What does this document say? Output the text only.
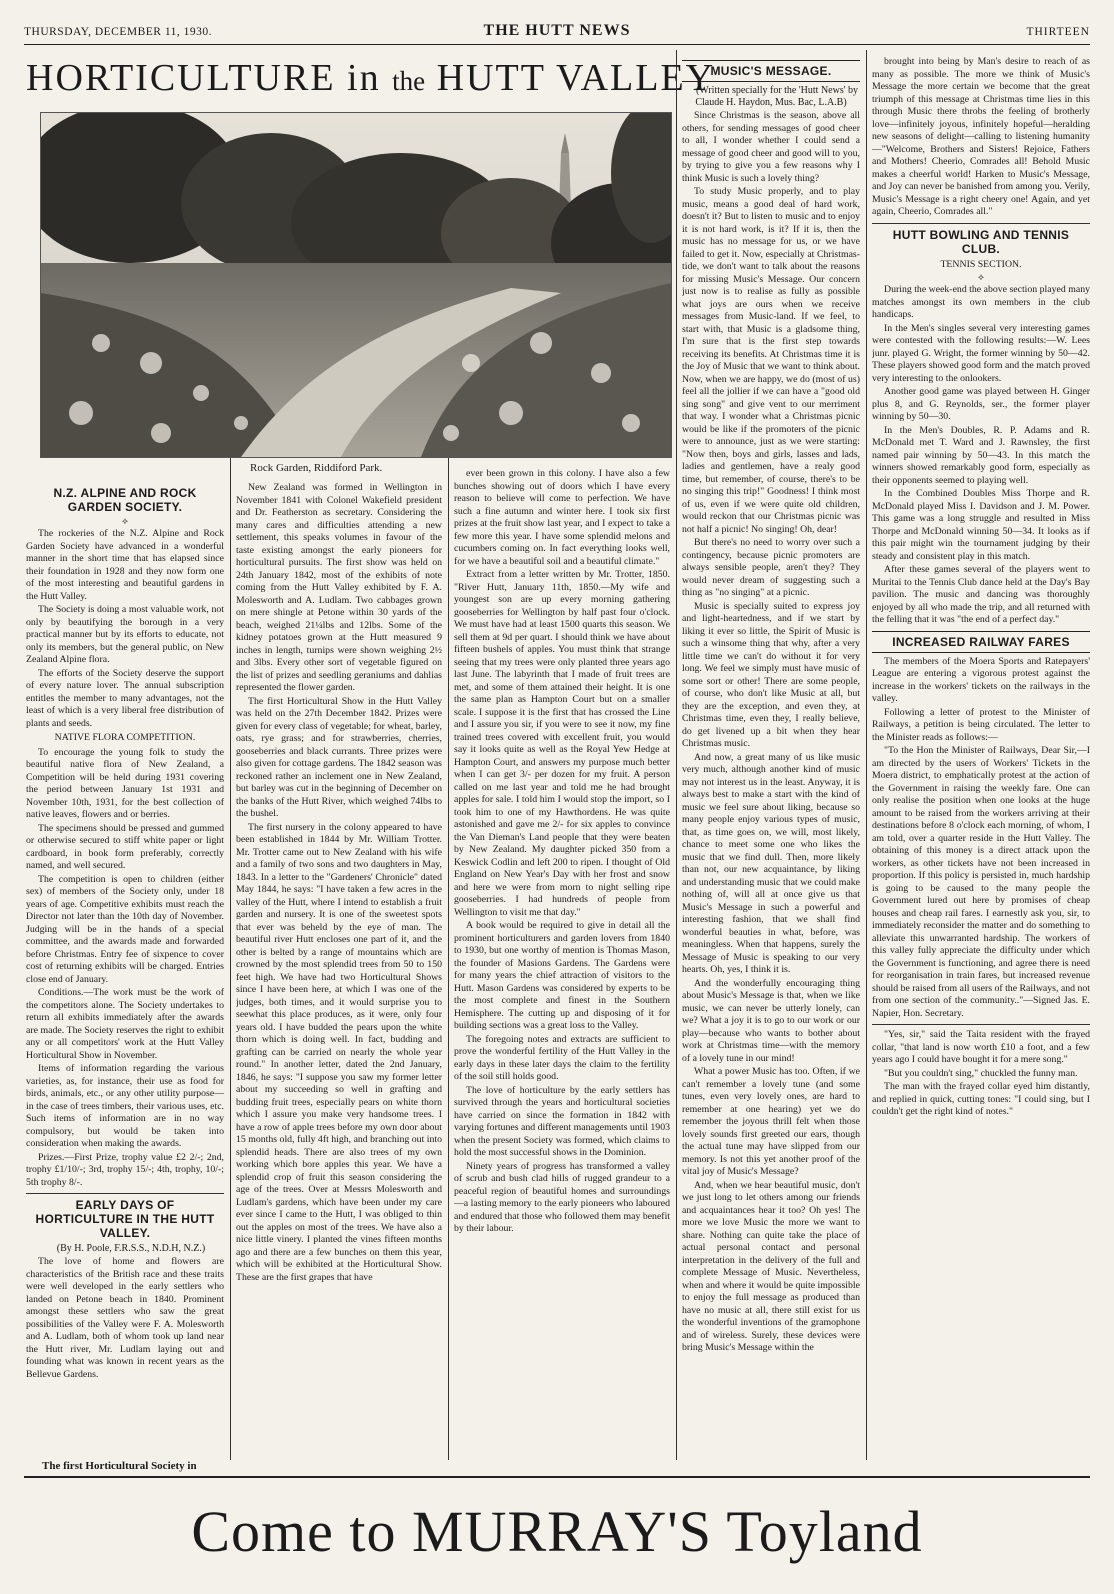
THURSDAY, DECEMBER 11, 1930.	THE HUTT NEWS	THIRTEEN
HORTICULTURE in the HUTT VALLEY
Rock Garden, Riddiford Park.
N.Z. ALPINE AND ROCK GARDEN SOCIETY.
⟡

The rockeries of the N.Z. Alpine and Rock Garden Society have advanced in a wonderful manner in the short time that has elapsed since their foundation in 1928 and they now form one of the most interesting and beautiful gardens in the Hutt Valley.

The Society is doing a most valuable work, not only by beautifying the borough in a very practical manner but by its efforts to educate, not only its members, but the general public, on New Zealand Alpine flora.

The efforts of the Society deserve the support of every nature lover. The annual subscription entitles the member to many advantages, not the least of which is a very liberal free distribution of plants and seeds.

NATIVE FLORA COMPETITION.

To encourage the young folk to study the beautiful native flora of New Zealand, a Competition will be held during 1931 covering the period between January 1st 1931 and November 10th, 1931, for the best collection of native leaves, flowers and or berries.

The specimens should be pressed and gummed or otherwise secured to stiff white paper or light cardboard, in book form preferably, correctly named, and well secured.

The competition is open to children (either sex) of members of the Society only, under 18 years of age. Competitive exhibits must reach the Director not later than the 10th day of November. Judging will be in the hands of a special committee, and the awards made and forwarded before Christmas. Entry fee of sixpence to cover cost of returning exhibits will be charged. Entries close end of January.

Conditions.—The work must be the work of the competitors alone. The Society undertakes to return all exhibits immediately after the awards are made. The Society reserves the right to exhibit any or all competitors' work at the Hutt Valley Horticultural Show in November.

Items of information regarding the various varieties, as, for instance, their use as food for birds, animals, etc., or any other utility purpose—in the case of trees timbers, their various uses, etc. Such items of information are in no way compulsory, but would be taken into consideration when making the awards.

Prizes.—First Prize, trophy value £2 2/-; 2nd, trophy £1/10/-; 3rd, trophy 15/-; 4th, trophy, 10/-; 5th trophy 8/-.

EARLY DAYS OF HORTICULTURE IN THE HUTT VALLEY.

(By H. Poole, F.R.S.S., N.D.H, N.Z.)

The love of home and flowers are characteristics of the British race and these traits were well developed in the early settlers who landed on Petone beach in 1840. Prominent amongst these settlers who saw the great possibilities of the Valley were F. A. Molesworth and A. Ludlam, both of whom took up land near the Hutt river, Mr. Ludlam laying out and founding what was known in recent years as the Bellevue Gardens.

The first Horticultural Society in

New Zealand was formed in Wellington in November 1841 with Colonel Wakefield president and Dr. Featherston as secretary. Considering the many cares and difficulties attending a new settlement, this speaks volumes in favour of the taste existing amongst the early pioneers for horticultural pursuits. The first show was held on 24th January 1842, most of the exhibits of note coming from the Hutt Valley exhibited by F. A. Molesworth and A. Ludlam. Two cabbages grown on mere shingle at Petone within 30 yards of the beach, weighed 21¼lbs and 12lbs. Some of the kidney potatoes grown at the Hutt measured 9 inches in length, turnips were shown weighing 2½ and 3lbs. Every other sort of vegetable figured on the list of prizes and seedling geraniums and dahlias represented the flower garden.

The first Horticultural Show in the Hutt Valley was held on the 27th December 1842. Prizes were given for every class of vegetable; for wheat, barley, oats, rye grass; and for strawberries, cherries, gooseberries and black currants. Three prizes were also given for cottage gardens. The 1842 season was reckoned rather an inclement one in New Zealand, but barley was cut in the beginning of December on the banks of the Hutt River, which weighed 74lbs to the bushel.

The first nursery in the colony appeared to have been established in 1844 by Mr. William Trotter. Mr. Trotter came out to New Zealand with his wife and a family of two sons and two daughters in May, 1843. In a letter to the "Gardeners' Chronicle" dated May 1844, he says: "I have taken a few acres in the valley of the Hutt, where I intend to establish a fruit garden and nursery. It is one of the sweetest spots that ever was beheld by the eye of man. The beautiful river Hutt encloses one part of it, and the other is belted by a range of mountains which are crowned by the most splendid trees from 50 to 150 feet high. We have had two Horticultural Shows since I have been here, at which I was one of the judges, both times, and it would surprise you to seewhat this place produces, as it were, only four years old. I have budded the pears upon the white thorn which is doing well. In fact, budding and grafting can be carried on nearly the whole year round." In another letter, dated the 2nd January, 1846, he says: "I suppose you saw my former letter about my succeeding so well in grafting and budding fruit trees, especially pears on white thorn which I assure you make very handsome trees. I have a row of apple trees before my own door about 15 months old, fully 4ft high, and branching out into splendid heads. There are also trees of my own working which bore apples this year. We have a splendid crop of fruit this season considering the age of the trees. Over at Messrs Molesworth and Ludlam's gardens, which have been under my care ever since I came to the Hutt, I was obliged to thin out the apples on most of the trees. We have also a nice little vinery. I planted the vines fifteen months ago and there are a few bunches on them this year, which will be exhibited at the Horticultural Show. These are the first grapes that have

ever been grown in this colony. I have also a few bunches showing out of doors which I have every reason to believe will come to perfection. We have such a fine autumn and winter here. I took six first prizes at the fruit show last year, and I expect to take a few more this year. I have some splendid melons and cucumbers coming on. In fact everything looks well, for we have a beautiful soil and a beautiful climate."

Extract from a letter written by Mr. Trotter, 1850. "River Hutt, January 11th, 1850.—My wife and youngest son are up every morning gathering gooseberries for Wellington by half past four o'clock. We must have had at least 1500 quarts this season. We sell them at 9d per quart. I should think we have about fifteen bushels of apples. You must think that strange seeing that my trees were only planted three years ago last June. The labyrinth that I made of fruit trees are met, and some of them attained their height. It is one the same plan as Hampton Court but on a smaller scale. I suppose it is the first that has crossed the Line and I assure you sir, if you were to see it now, my fine trained trees covered with excellent fruit, you would say it looks quite as well as the Royal Yew Hedge at Hampton Court, and answers my purpose much better when I can get 3/- per dozen for my fruit. A person called on me last year and told me he had brought apples for sale. I told him I would stop the import, so I took him to one of my Hawthordens. He was quite astonished and gave me 2/- for six apples to convince the Van Dieman's Land people that they were beaten by New Zealand. My daughter picked 350 from a Keswick Codlin and left 200 to ripen. I thought of Old England on New Year's Day with her frost and snow and here we were from morn to night selling ripe gooseberries. I had hundreds of people from Wellington to visit me that day."

A book would be required to give in detail all the prominent horticulturers and garden lovers from 1840 to 1930, but one worthy of mention is Thomas Mason, the founder of Masions Gardens. The Gardens were for many years the chief attraction of visitors to the Hutt. Mason Gardens was considered by experts to be the most complete and finest in the Southern Hemisphere. The cutting up and disposing of it for building sections was a great loss to the Valley.

The foregoing notes and extracts are sufficient to prove the wonderful fertility of the Hutt Valley in the early days in these later days the claim to the fertility of the soil still holds good.

The love of horticulture by the early settlers has survived through the years and horticultural societies have carried on since the formation in 1842 with varying fortunes and different managements until 1903 when the present Society was formed, which claims to hold the most successful shows in the Dominion.

Ninety years of progress has transformed a valley of scrub and bush clad hills of rugged grandeur to a peaceful region of beautiful homes and surroundings—a lasting memory to the early pioneers who laboured and endured that those who followed them may benefit by their labour.

MUSIC'S MESSAGE.

(Written specially for the 'Hutt News' by Claude H. Haydon, Mus. Bac, L.A.B)

Since Christmas is the season, above all others, for sending messages of good cheer to all, I wonder whether I could send a message of good cheer and good will to you, by trying to give you a few reasons why I think Music is such a lovely thing?

To study Music properly, and to play music, means a good deal of hard work, doesn't it? But to listen to music and to enjoy it is not hard work, is it? If it is, then the music has no message for us, or we have failed to get it. Now, especially at Christmas-tide, we don't want to talk about the reasons for missing Music's Message. Our concern just now is to realise as fully as possible what joys are ours when we receive messages from Music-land. If we feel, to start with, that Music is a gladsome thing, I'm sure that is the first step towards receiving its benefits. At Christmas time it is the Joy of Music that we want to think about. Now, when we are happy, we do (most of us) feel all the jollier if we can have a "good old sing song" and give vent to our merriment that way. I wonder what a Christmas picnic would be like if the promoters of the picnic were to announce, just as we were starting: "Now then, boys and girls, lasses and lads, ladies and gentlemen, have a realy good time, but remember, of course, there's to be no singing this trip!" Goodness! I think most of us, even if we were quite old children, would reckon that our Christmas picnic was not half a picnic! No singing! Oh, dear!

But there's no need to worry over such a contingency, because picnic promoters are always sensible people, aren't they? They would never dream of suggesting such a thing as "no singing" at a picnic.

Music is specially suited to express joy and light-heartedness, and if we start by liking it ever so little, the Spirit of Music is such a winsome thing that why, after a very little time we can't do without it for very long. We feel we simply must have music of some sort or other! There are some people, of course, who don't like Music at all, but they are the exception, and even they, at Christmas time, even they, I really believe, do get livened up a bit when they hear Christmas music.

And now, a great many of us like music very much, although another kind of music may not interest us in the least. Anyway, it is always best to make a start with the kind of music we feel sure about liking, because so many people enjoy various types of music, that, as time goes on, we will, most likely, chance to meet some one who likes the music that we find dull. Then, more likely than not, our new acquaintance, by liking and understanding music that we could make nothing of, will all at once give us that Music's Message in such a powerful and interesting fashion, that we shall find wonderful beauties in what, before, was meaningless. When that happens, surely the Message of Music is speaking to our very hearts. Oh, yes, I think it is.

And the wonderfully encouraging thing about Music's Message is that, when we like music, we can never be utterly lonely, can we? What a joy it is to go to our work or our play—because who wants to bother about work at Christmas time—with the memory of a lovely tune in our mind!

What a power Music has too. Often, if we can't remember a lovely tune (and some tunes, even very lovely ones, are hard to remember at one hearing) yet we do remember the joyous thrill felt when those lovely sounds first greeted our ears, though the actual tune may have slipped from our memory. Is not this yet another proof of the vital joy of Music's Message?

And, when we hear beautiful music, don't we just long to let others among our friends and acquaintances hear it too? Oh yes! The more we love Music the more we want to share. Nothing can quite take the place of actual personal contact and personal interpretation in the delivery of the full and complete Message of Music. Nevertheless, when and where it would be quite impossible to enjoy the full message as produced than have no music at all, there still exist for us the wonderful inventions of the gramophone and of wireless. Surely, these devices were bring Music's Message within the

brought into being by Man's desire to reach of as many as possible. The more we think of Music's Message the more certain we become that the great triumph of this message at Christmas time lies in this through Music there throbs the feeling of brotherly love—infinitely joyous, infinitely hopeful—heralding new seasons of delight—calling to listening humanity—"Welcome, Brothers and Sisters! Rejoice, Fathers and Mothers! Cheerio, Comrades all! Behold Music makes a cheerful world! Harken to Music's Message, and Joy can never be banished from among you. Verily, Music's Message is a right cheery one! Again, and yet again, Cheerio, Comrades all."

HUTT BOWLING AND TENNIS CLUB.

TENNIS SECTION.

⟡

During the week-end the above section played many matches amongst its own members in the club handicaps.

In the Men's singles several very interesting games were contested with the following results:—W. Lees junr. played G. Wright, the former winning by 50—42. These players showed good form and the match proved very interesting to the onlookers.

Another good game was played between H. Ginger plus 8, and G. Reynolds, ser., the former player winning by 50—30.

In the Men's Doubles, R. P. Adams and R. McDonald met T. Ward and J. Rawnsley, the first named pair winning by 50—43. In this match the winners showed remarkably good form, especially as their opponents seemed to playing well.

In the Combined Doubles Miss Thorpe and R. McDonald played Miss I. Davidson and J. M. Power. This game was a long struggle and resulted in Miss Thorpe and McDonald winning 50—34. It looks as if this pair might win the tournament judging by their steady and consistent play in this match.

After these games several of the players went to Muritai to the Tennis Club dance held at the Day's Bay pavilion. The music and dancing was thoroughly enjoyed by all who made the trip, and all returned with the felling that it was "the end of a perfect day."

INCREASED RAILWAY FARES

The members of the Moera Sports and Ratepayers' League are entering a vigorous protest against the increase in the workers' tickets on the railways in the valley.

Following a letter of protest to the Minister of Railways, a petition is being circulated. The letter to the Minister reads as follows:—

"To the Hon the Minister of Railways, Dear Sir,—I am directed by the users of Workers' Tickets in the Moera district, to emphatically protest at the action of the Government in raising the weekly fare. One can only realise the position when one looks at the huge amount to be raised from the workers arriving at their destinations before 8 o'clock each morning, of whom, I am told, over a quarter reside in the Hutt Valley. The obtaining of this money is a direct attack upon the workers, as other tickets have not been increased in proportion. If this policy is persisted in, much hardship is going to be caused to the many people the Government lured out here by promises of cheap houses and cheap rail fares. I earnestly ask you, sir, to immediately reconsider the matter and do something to alleviate this unwarranted hardship. The workers of this valley fully appreciate the difficulty under which the Government is functioning, and agree there is need for reorganisation in train fares, but increased revenue should be raised from all users of the Railways, and not from one section of the community.."—Signed Jas. E. Napier, Hon. Secretary.

"Yes, sir," said the Taita resident with the frayed collar, "that land is now worth £10 a foot, and a few years ago I could have bought it for a mere song."

"But you couldn't sing," chuckled the funny man.

The man with the frayed collar eyed him distantly, and replied in quick, cutting tones: "I could sing, but I couldn't get the right kind of notes."

Come to MURRAY'S Toyland
